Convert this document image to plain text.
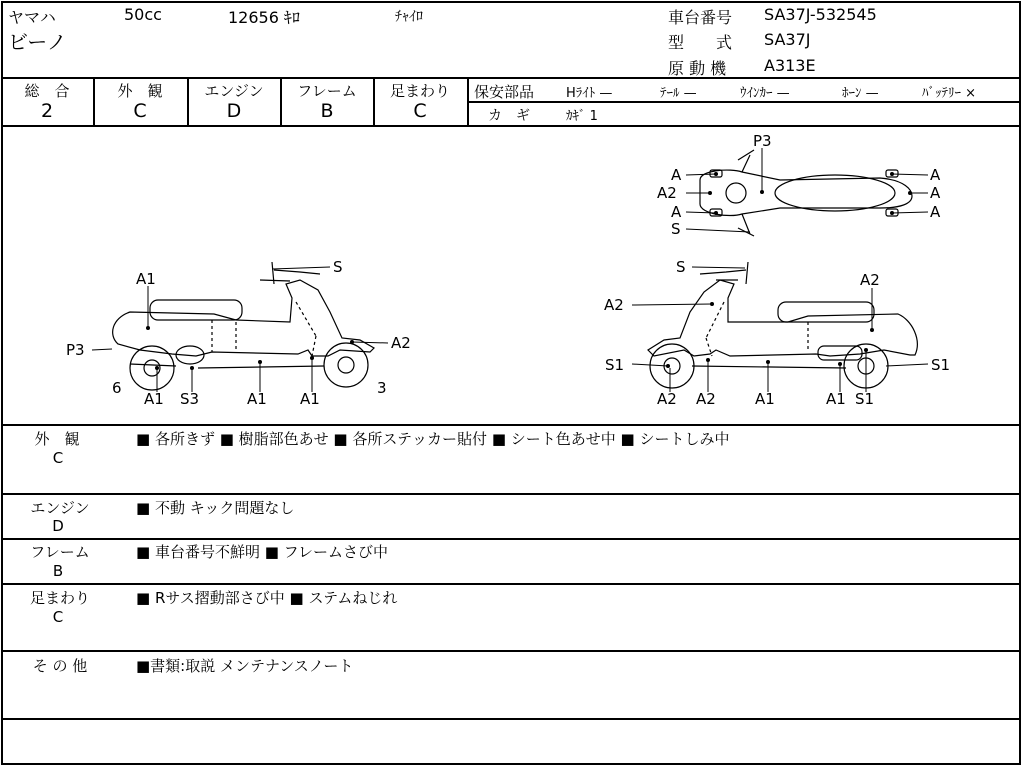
ヤマハ	50cc	12656 ｷﾛ	ﾁｬｲﾛ
ビーノ
車台番号 SA37J-532545
型　　式 SA37J
原 動 機 A313E
総　合
2
外　観
C
エンジン
D
フレーム
B
足まわり
C
保安部品 Hﾗｲﾄ —	ﾃｰﾙ —	ｳｲﾝｶｰ —	ﾎｰﾝ —	ﾊﾞｯﾃﾘｰ ×
カ　ギ	ｶｷﾞ 1
A1
P3
6
A1 S3	A1 A1
S
A2
3
P3
A
A2
A
S
A
A
A
S
A2
A2
S1	S1
A2 A2	A1	A1 S1
外　観
C
■ 各所きず ■ 樹脂部色あせ ■ 各所ステッカー貼付 ■ シート色あせ中 ■ シートしみ中
エンジン
D
■ 不動 キック問題なし
フレーム
B
■ 車台番号不鮮明 ■ フレームさび中
足まわり
C
■ Rサス摺動部さび中 ■ ステムねじれ
そ の 他	■書類:取説 メンテナンスノート
